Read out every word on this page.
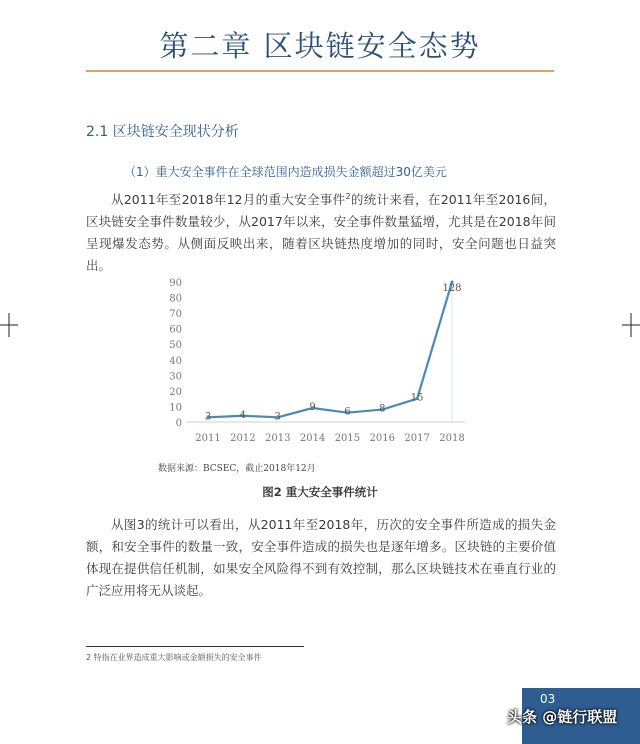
第二章 区块链安全态势
2.1 区块链安全现状分析
（1）重大安全事件在全球范围内造成损失金额超过30亿美元

从2011年至2018年12月的重大安全事件$^2$的统计来看，在2011年至2016间，区块链安全事件数量较少，从2017年以来，安全事件数量猛增，尤其是在2018年间呈现爆发态势。从侧面反映出来，随着区块链热度增加的同时，安全问题也日益突出。

0
10
20
30
40
50
60
70
80
90
2011 2012 2013 2014 2015 2016 2017 2018
3	4	3
9	6	8
15
128
数据来源：BCSEC，截止2018年12月
图2 重大安全事件统计

从图3的统计可以看出，从2011年至2018年，历次的安全事件所造成的损失金额，和安全事件的数量一致，安全事件造成的损失也是逐年增多。区块链的主要价值体现在提供信任机制，如果安全风险得不到有效控制，那么区块链技术在垂直行业的广泛应用将无从谈起。

2 特指在业界造成重大影响或金额损失的安全事件
03
头条 @链行联盟
